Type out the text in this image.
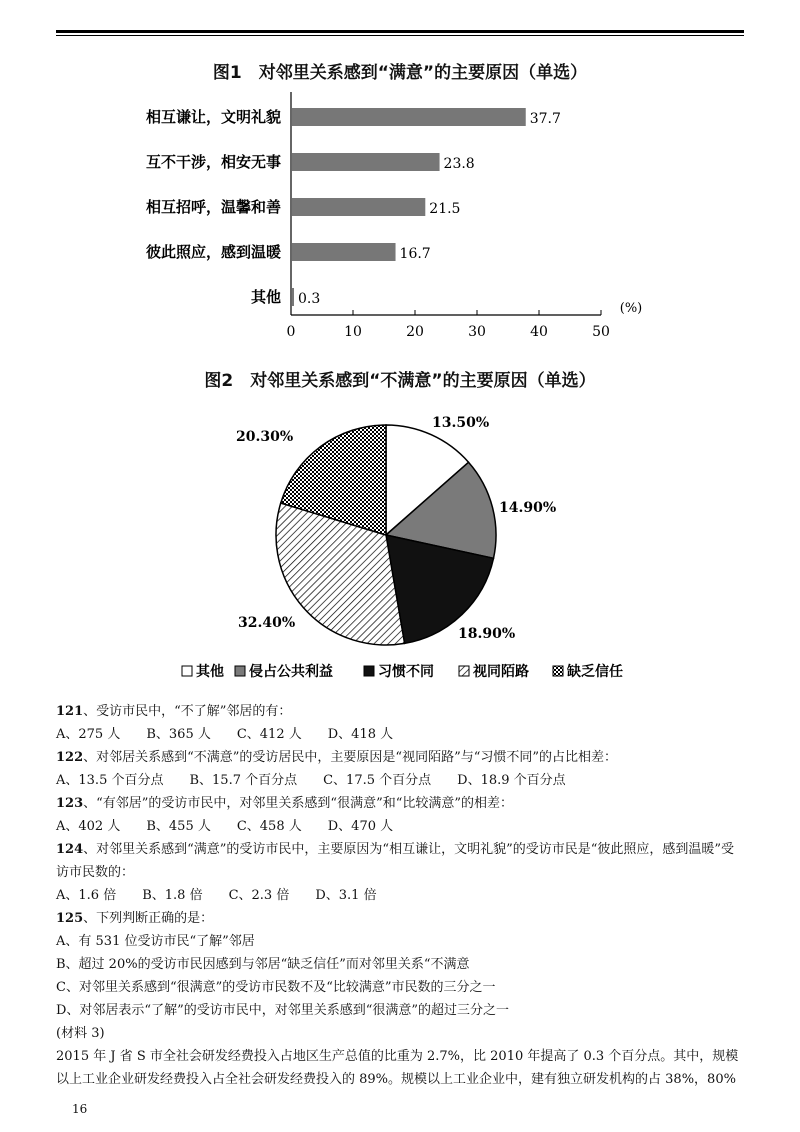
图1　对邻里关系感到“满意”的主要原因（单选）
相互谦让，文明礼貌	37.7
互不干涉，相安无事	23.8
相互招呼，温馨和善	21.5
彼此照应，感到温暖	16.7
其他 0.3
0	10	20	30	40	50
(%)
图2　对邻里关系感到“不满意”的主要原因（单选）
13.50%
14.90%
18.90%
32.40%
20.30%
其他 侵占公共利益	习惯不同	视同陌路	缺乏信任
121、受访市民中，“不了解”邻居的有：
A、275 人 B、365 人 C、412 人 D、418 人
122、对邻居关系感到“不满意”的受访居民中，主要原因是“视同陌路”与“习惯不同”的占比相差：
A、13.5 个百分点 B、15.7 个百分点 C、17.5 个百分点 D、18.9 个百分点
123、“有邻居”的受访市民中，对邻里关系感到“很满意”和“比较满意”的相差：
A、402 人 B、455 人 C、458 人 D、470 人
124、对邻里关系感到“满意”的受访市民中，主要原因为“相互谦让，文明礼貌”的受访市民是“彼此照应，感到温暖”受访市民数的：
A、1.6 倍 B、1.8 倍 C、2.3 倍 D、3.1 倍
125、下列判断正确的是：
A、有 531 位受访市民“了解”邻居
B、超过 20%的受访市民因感到与邻居“缺乏信任”而对邻里关系“不满意
C、对邻里关系感到“很满意”的受访市民数不及“比较满意”市民数的三分之一
D、对邻居表示“了解”的受访市民中，对邻里关系感到“很满意”的超过三分之一
(材料 3)
2015 年 J 省 S 市全社会研发经费投入占地区生产总值的比重为 2.7%，比 2010 年提高了 0.3 个百分点。其中，规模以上工业企业研发经费投入占全社会研发经费投入的 89%。规模以上工业企业中，建有独立研发机构的占 38%，80%
16
